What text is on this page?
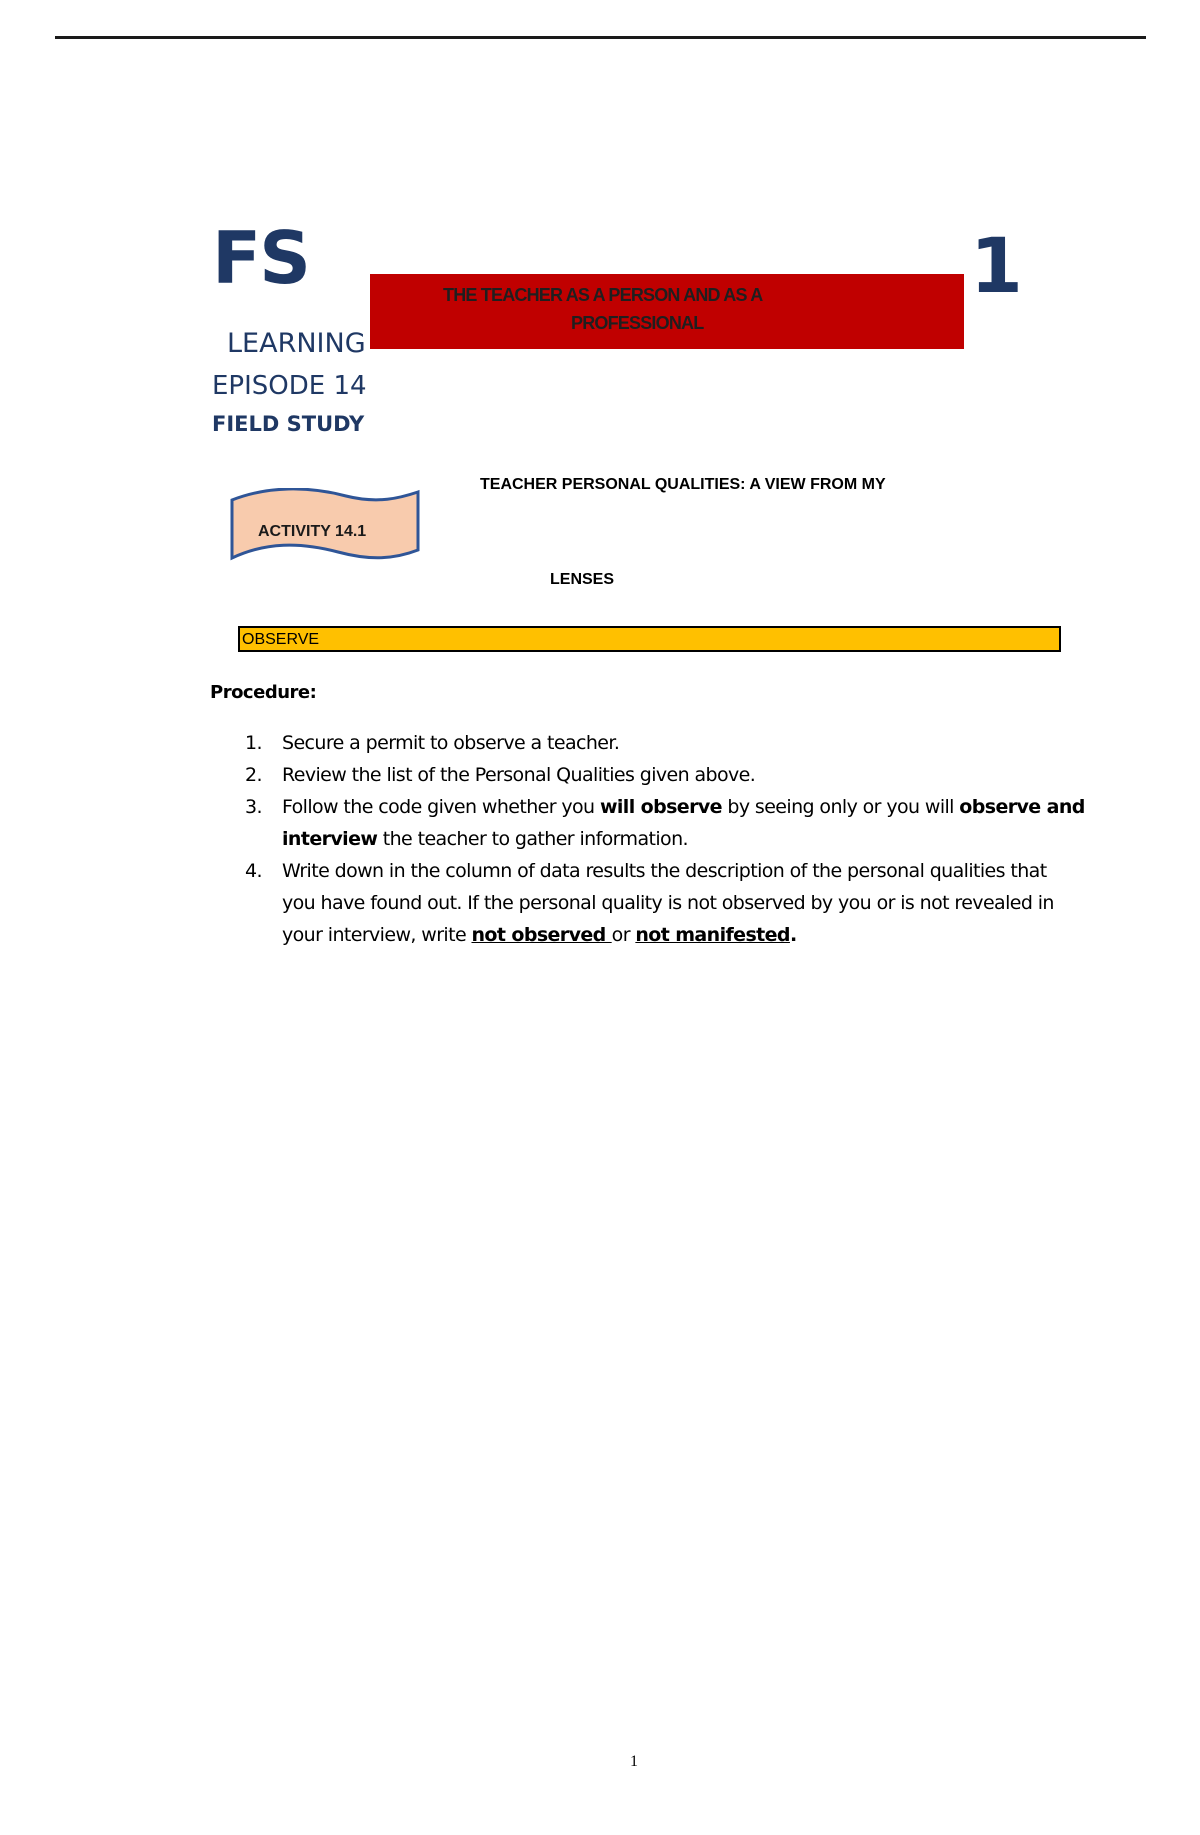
FS	1
THE TEACHER AS A PERSON AND AS A
PROFESSIONAL
LEARNING
EPISODE 14
FIELD STUDY
ACTIVITY 14.1
TEACHER PERSONAL QUALITIES: A VIEW FROM MY
LENSES
OBSERVE
Procedure:
1. Secure a permit to observe a teacher.
2. Review the list of the Personal Qualities given above.
3. Follow the code given whether you will observe by seeing only or you will observe and interview the teacher to gather information.
4. Write down in the column of data results the description of the personal qualities that you have found out. If the personal quality is not observed by you or is not revealed in your interview, write not observed or not manifested.
1
